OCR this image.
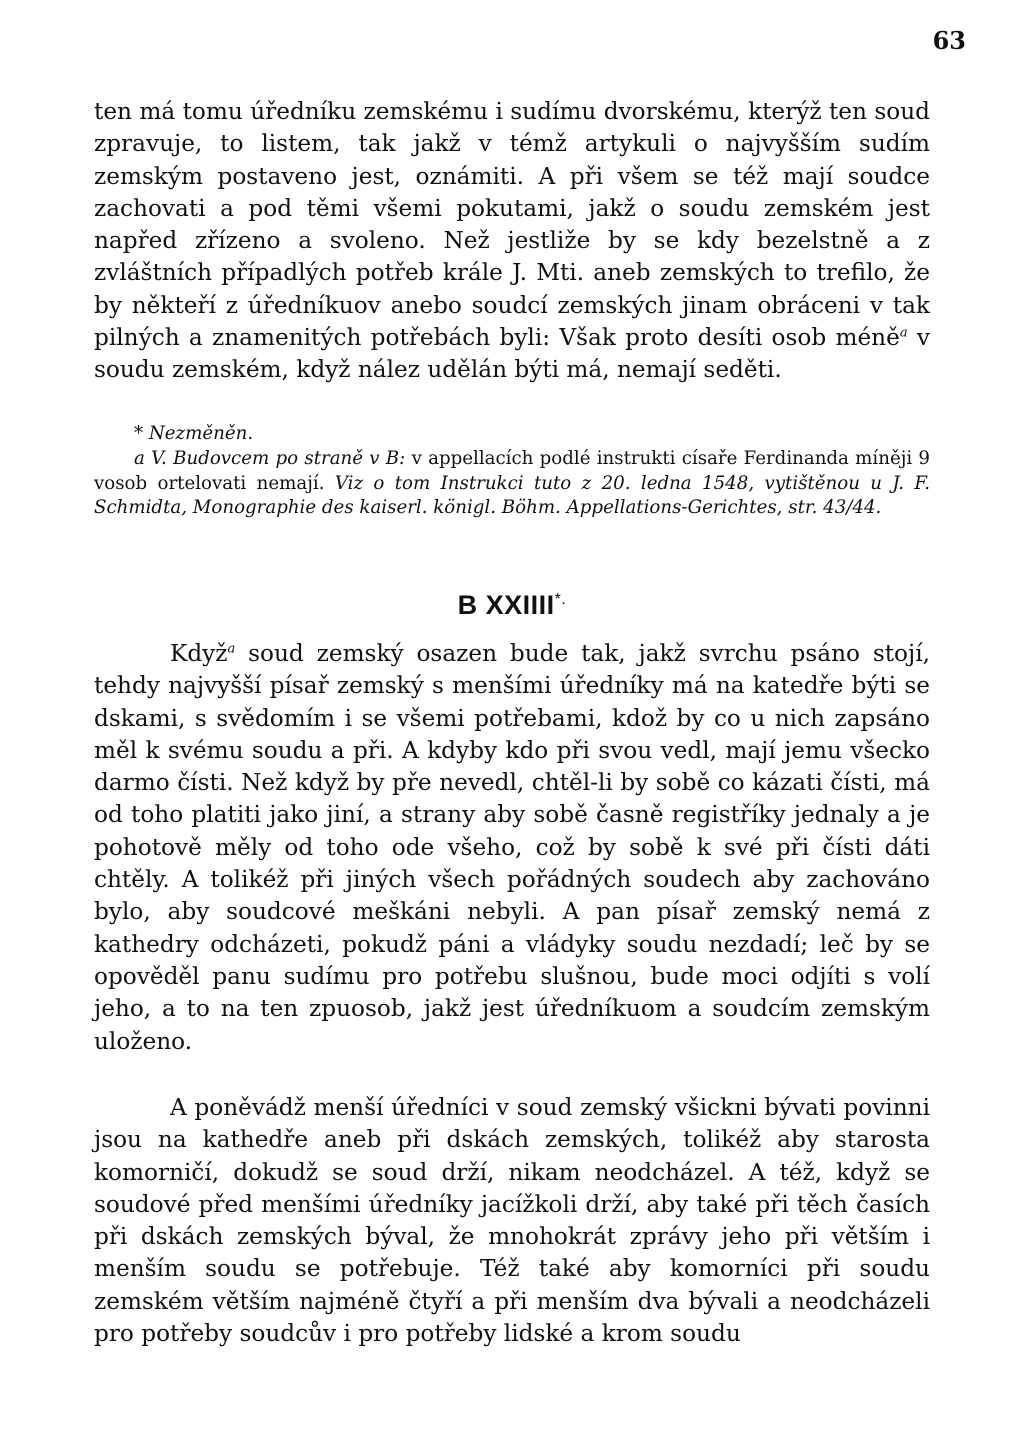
63
ten má tomu úředníku zemskému i sudímu dvorskému, kterýž ten soud zpravuje, to listem, tak jakž v témž artykuli o najvyšším sudím zemským postaveno jest, oznámiti. A při všem se též mají soudce zachovati a pod těmi všemi pokutami, jakž o soudu zemském jest napřed zřízeno a svoleno. Než jestliže by se kdy bezelstně a z zvláštních případlých potřeb krále J. Mti. aneb zemských to trefilo, že by někteří z úředníkuov anebo soudcí zemských jinam obráceni v tak pilných a znamenitých potřebách byli: Však proto desíti osob méně$^a$ v soudu zemském, když nález udělán býti má, nemají seděti.

* Nezměněn.

a V. Budovcem po straně v B: v appellacích podlé instrukti císaře Ferdinanda míněji 9 vosob ortelovati nemají. Viz o tom Instrukci tuto z 20. ledna 1548, vytištěnou u J. F. Schmidta, Monographie des kaiserl. königl. Böhm. Appellations-Gerichtes, str. 43/44.

B XXIIII*.
Když$^a$ soud zemský osazen bude tak, jakž svrchu psáno stojí, tehdy najvyšší písař zemský s menšími úředníky má na katedře býti se dskami, s svědomím i se všemi potřebami, kdož by co u nich zapsáno měl k svému soudu a při. A kdyby kdo při svou vedl, mají jemu všecko darmo čísti. Než když by pře nevedl, chtěl-li by sobě co kázati čísti, má od toho platiti jako jiní, a strany aby sobě časně registříky jednaly a je pohotově měly od toho ode všeho, což by sobě k své při čísti dáti chtěly. A tolikéž při jiných všech pořádných soudech aby zachováno bylo, aby soudcové meškáni nebyli. A pan písař zemský nemá z kathedry odcházeti, pokudž páni a vládyky soudu nezdadí; leč by se opověděl panu sudímu pro potřebu slušnou, bude moci odjíti s volí jeho, a to na ten zpuosob, jakž jest úředníkuom a soudcím zemským uloženo.
A poněvádž menší úředníci v soud zemský všickni bývati povinni jsou na kathedře aneb při dskách zemských, tolikéž aby starosta komorničí, dokudž se soud drží, nikam neodcházel. A též, když se soudové před menšími úředníky jacížkoli drží, aby také při těch časích při dskách zemských býval, že mnohokrát zprávy jeho při větším i menším soudu se potřebuje. Též také aby komorníci při soudu zemském větším najméně čtyří a při menším dva bývali a neodcházeli pro potřeby soudcův i pro potřeby lidské a krom soudu
